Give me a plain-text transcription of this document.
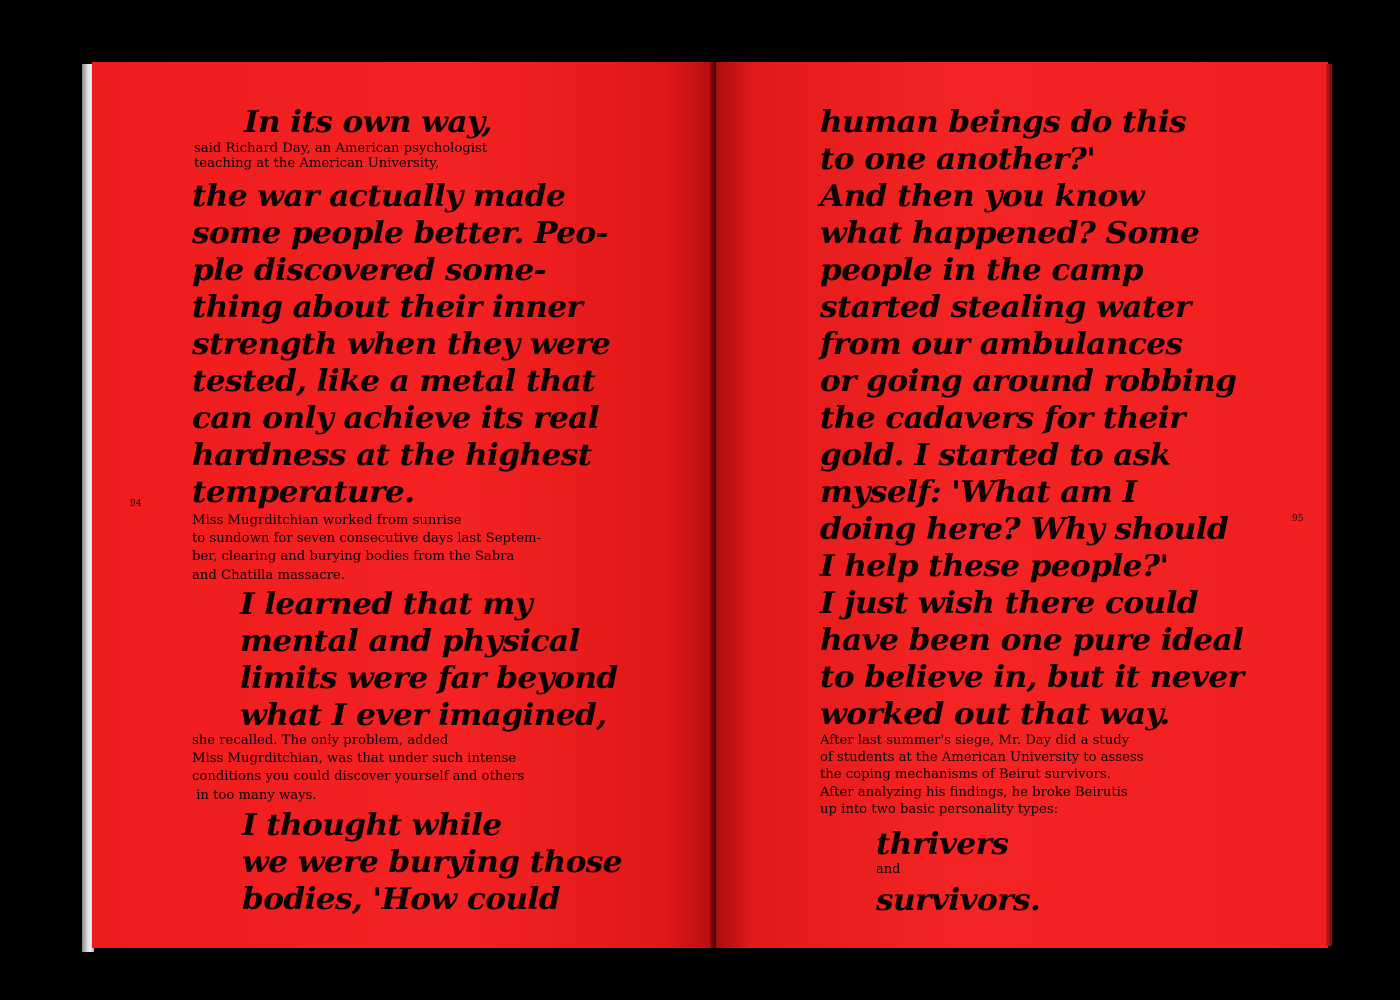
94
In its own way,
said Richard Day, an American psychologist
teaching at the American University,
the war actually made
some people better. Peo-
ple discovered some-
thing about their inner
strength when they were
tested, like a metal that
can only achieve its real
hardness at the highest
temperature.
Miss Mugrditchian worked from sunrise
to sundown for seven consecutive days last Septem-
ber, clearing and burying bodies from the Sabra
and Chatilla massacre.
I learned that my
mental and physical
limits were far beyond
what I ever imagined,
she recalled. The only problem, added
Miss Mugrditchian, was that under such intense
conditions you could discover yourself and others
in too many ways.
I thought while
we were burying those
bodies, 'How could
95
human beings do this
to one another?'
And then you know
what happened? Some
people in the camp
started stealing water
from our ambulances
or going around robbing
the cadavers for their
gold. I started to ask
myself: 'What am I
doing here? Why should
I help these people?'
I just wish there could
have been one pure ideal
to believe in, but it never
worked out that way.
After last summer's siege, Mr. Day did a study
of students at the American University to assess
the coping mechanisms of Beirut survivors.
After analyzing his findings, he broke Beirutis
up into two basic personality types:
thrivers
and
survivors.
